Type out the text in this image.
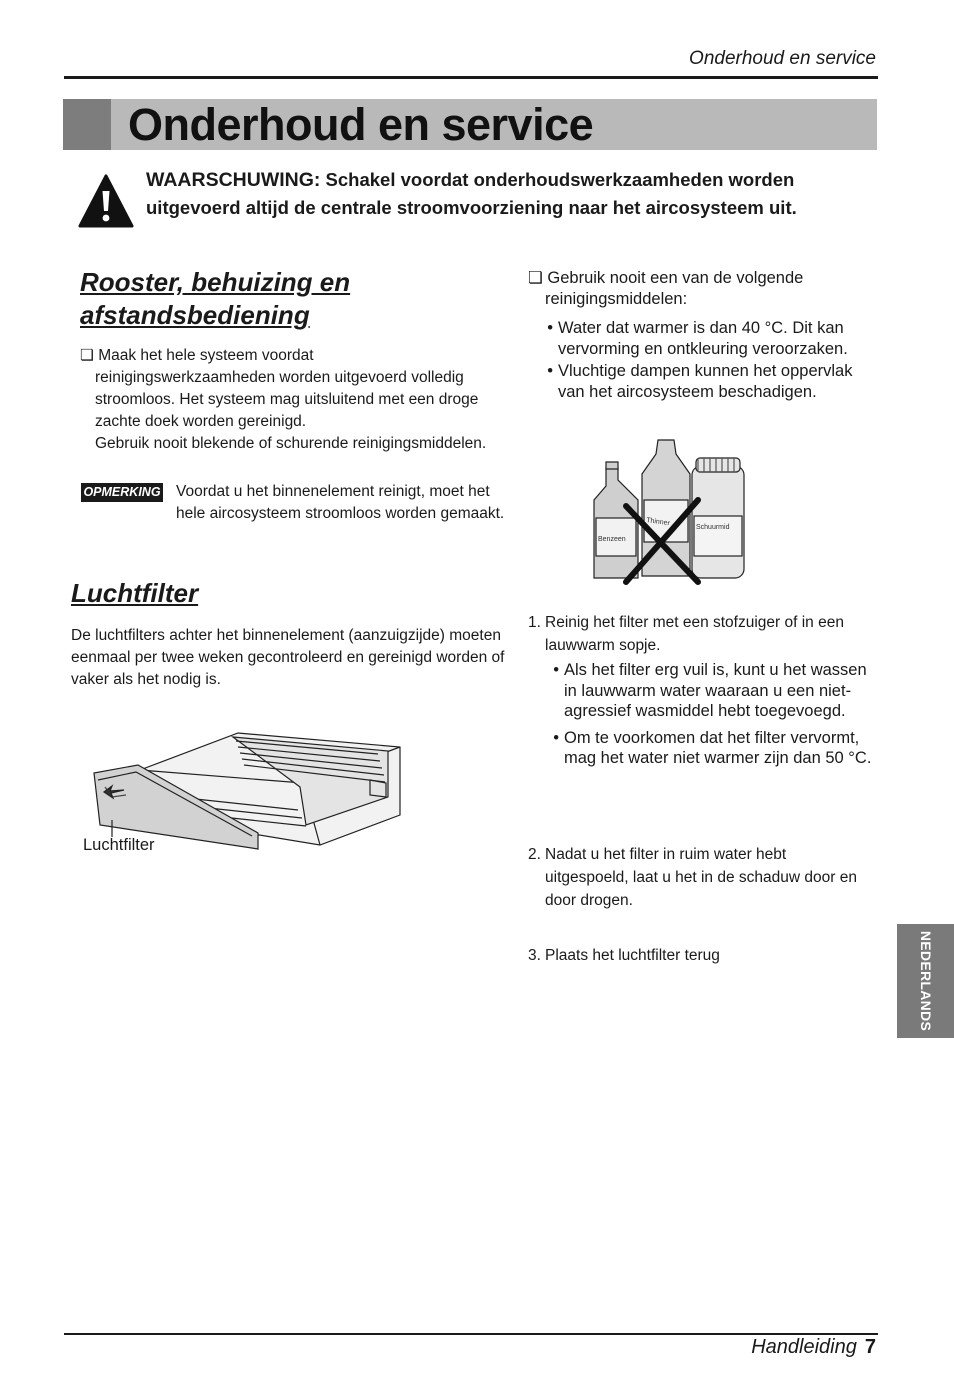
Onderhoud en service
Onderhoud en service
WAARSCHUWING: Schakel voordat onderhoudswerkzaamheden worden uitgevoerd altijd de centrale stroomvoorziening naar het aircosysteem uit.
Rooster, behuizing en afstandsbediening
❏ Maak het hele systeem voordat
reinigingswerkzaamheden worden uitgevoerd volledig
stroomloos. Het systeem mag uitsluitend met een droge
zachte doek worden gereinigd.
Gebruik nooit blekende of schurende reinigingsmiddelen.
OPMERKING Voordat u het binnenelement reinigt, moet het hele aircosysteem stroomloos worden gemaakt.
Luchtfilter
De luchtfilters achter het binnenelement (aanzuigzijde) moeten eenmaal per twee weken gecontroleerd en gereinigd worden of vaker als het nodig is.
Luchtfilter
❏ Gebruik nooit een van de volgende
reinigingsmiddelen:
• Water dat warmer is dan 40 °C. Dit kan vervorming en ontkleuring veroorzaken.
• Vluchtige dampen kunnen het oppervlak van het aircosysteem beschadigen.
Benzeen
Thinner
Schuurmid
1. Reinig het filter met een stofzuiger of in een
lauwwarm sopje.
• Als het filter erg vuil is, kunt u het wassen in lauwwarm water waaraan u een niet-agressief wasmiddel hebt toegevoegd.
• Om te voorkomen dat het filter vervormt, mag het water niet warmer zijn dan 50 °C.
2. Nadat u het filter in ruim water hebt
uitgespoeld, laat u het in de schaduw door en
door drogen.
3. Plaats het luchtfilter terug	NEDERLANDS
Handleiding 7
